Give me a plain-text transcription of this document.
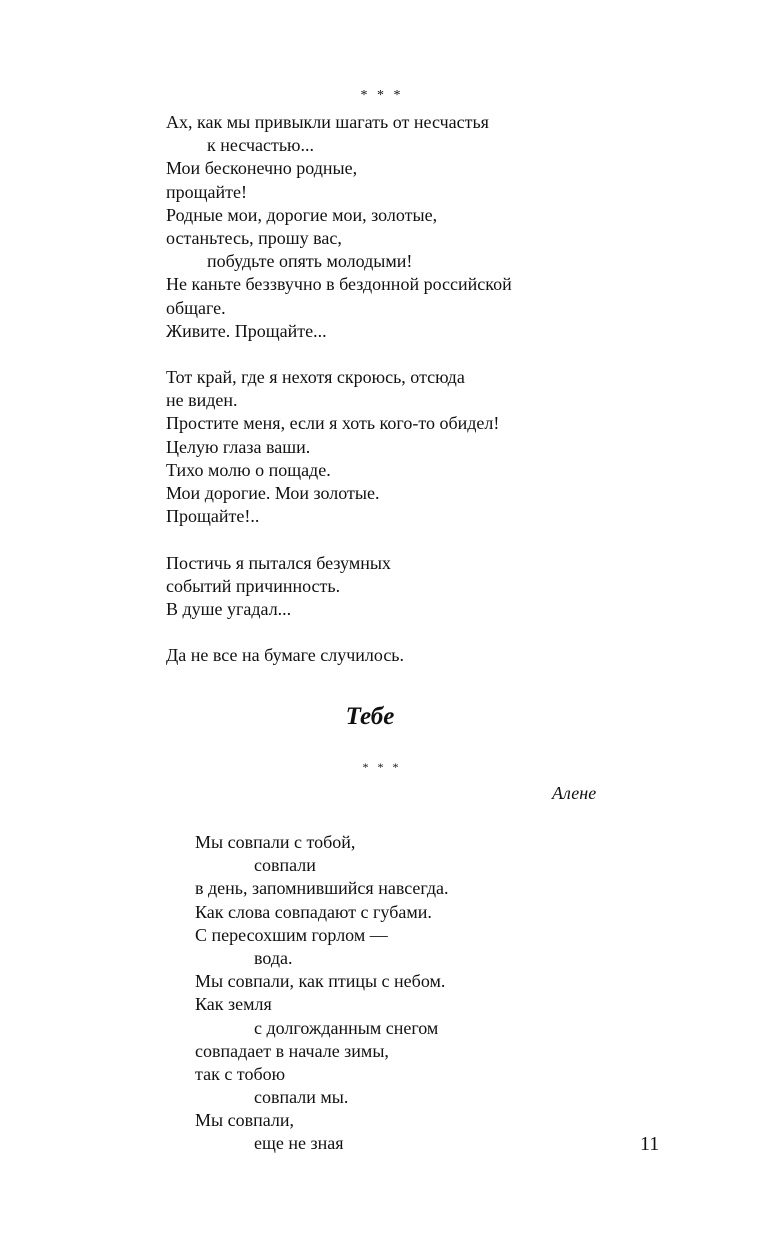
* * *
Ах, как мы привыкли шагать от несчастья
к несчастью...
Мои бесконечно родные,
прощайте!
Родные мои, дорогие мои, золотые,
останьтесь, прошу вас,
побудьте опять молодыми!
Не каньте беззвучно в бездонной российской
общаге.
Живите. Прощайте...
Тот край, где я нехотя скроюсь, отсюда
не виден.
Простите меня, если я хоть кого-то обидел!
Целую глаза ваши.
Тихо молю о пощаде.
Мои дорогие. Мои золотые.
Прощайте!..
Постичь я пытался безумных
событий причинность.
В душе угадал...
Да не все на бумаге случилось.
Тебе
* * *
Алене
Мы совпали с тобой,
совпали
в день, запомнившийся навсегда.
Как слова совпадают с губами.
С пересохшим горлом —
вода.
Мы совпали, как птицы с небом.
Как земля
с долгожданным снегом
совпадает в начале зимы,
так с тобою
совпали мы.
Мы совпали,
еще не зная	11
